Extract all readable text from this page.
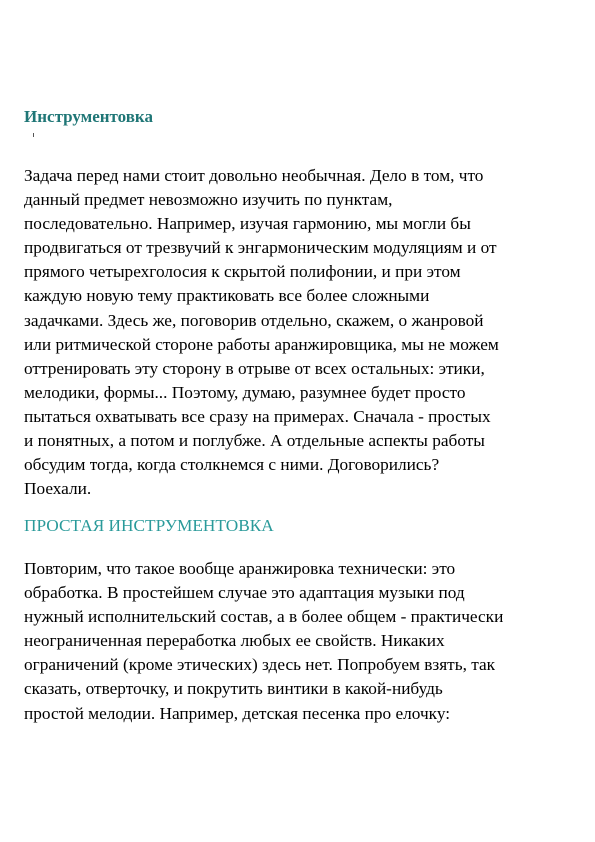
Инструментовка

Задача перед нами стоит довольно необычная. Дело в том, что
данный предмет невозможно изучить по пунктам,
последовательно. Например, изучая гармонию, мы могли бы
продвигаться от трезвучий к энгармоническим модуляциям и от
прямого четырехголосия к скрытой полифонии, и при этом
каждую новую тему практиковать все более сложными
задачками. Здесь же, поговорив отдельно, скажем, о жанровой
или ритмической стороне работы аранжировщика, мы не можем
оттренировать эту сторону в отрыве от всех остальных: этики,
мелодики, формы... Поэтому, думаю, разумнее будет просто
пытаться охватывать все сразу на примерах. Сначала - простых
и понятных, а потом и поглубже. А отдельные аспекты работы
обсудим тогда, когда столкнемся с ними. Договорились?
Поехали.

ПРОСТАЯ ИНСТРУМЕНТОВКА

Повторим, что такое вообще аранжировка технически: это
обработка. В простейшем случае это адаптация музыки под
нужный исполнительский состав, а в более общем - практически
неограниченная переработка любых ее свойств. Никаких
ограничений (кроме этических) здесь нет. Попробуем взять, так
сказать, отверточку, и покрутить винтики в какой-нибудь
простой мелодии. Например, детская песенка про елочку:
